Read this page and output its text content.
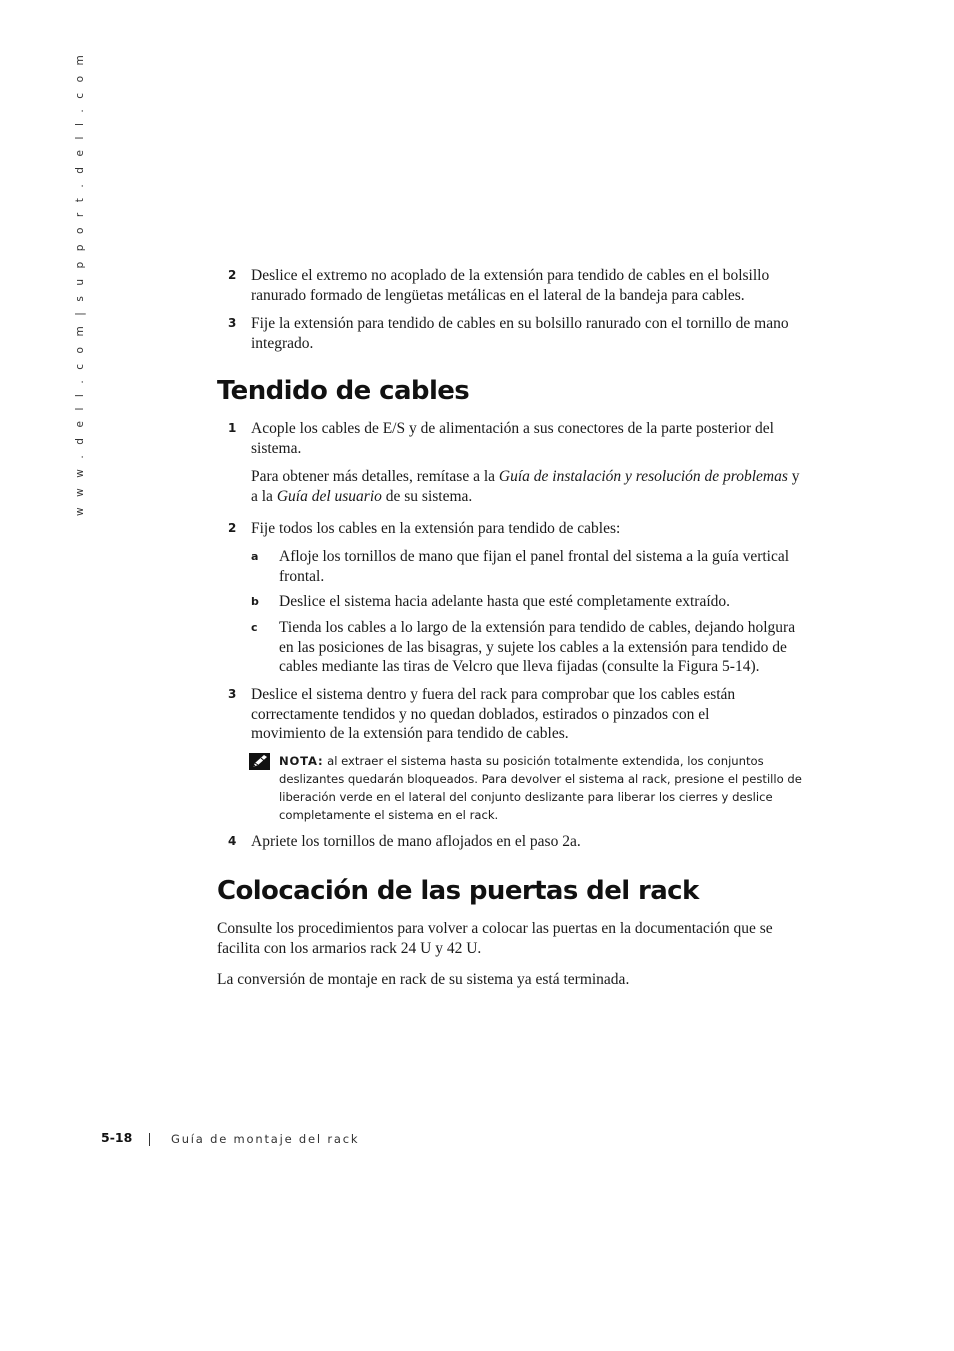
w w w . d e l l . c o m | s u p p o r t . d e l l . c o m	2 Deslice el extremo no acoplado de la extensión para tendido de cables en el bolsillo
ranurado formado de lengüetas metálicas en el lateral de la bandeja para cables.
3 Fije la extensión para tendido de cables en su bolsillo ranurado con el tornillo de mano
integrado.
Tendido de cables
1 Acople los cables de E/S y de alimentación a sus conectores de la parte posterior del
sistema.
Para obtener más detalles, remítase a la Guía de instalación y resolución de problemas y
a la Guía del usuario de su sistema.
2 Fije todos los cables en la extensión para tendido de cables:
a Afloje los tornillos de mano que fijan el panel frontal del sistema a la guía vertical
frontal.
b Deslice el sistema hacia adelante hasta que esté completamente extraído.
c Tienda los cables a lo largo de la extensión para tendido de cables, dejando holgura
en las posiciones de las bisagras, y sujete los cables a la extensión para tendido de
cables mediante las tiras de Velcro que lleva fijadas (consulte la Figura 5-14).
3 Deslice el sistema dentro y fuera del rack para comprobar que los cables están
correctamente tendidos y no quedan doblados, estirados o pinzados con el
movimiento de la extensión para tendido de cables.
NOTA: al extraer el sistema hasta su posición totalmente extendida, los conjuntos
deslizantes quedarán bloqueados. Para devolver el sistema al rack, presione el pestillo de
liberación verde en el lateral del conjunto deslizante para liberar los cierres y deslice
completamente el sistema en el rack.
4 Apriete los tornillos de mano aflojados en el paso 2a.
Colocación de las puertas del rack
Consulte los procedimientos para volver a colocar las puertas en la documentación que se
facilita con los armarios rack 24 U y 42 U.
La conversión de montaje en rack de su sistema ya está terminada.
5-18	Guía de montaje del rack
